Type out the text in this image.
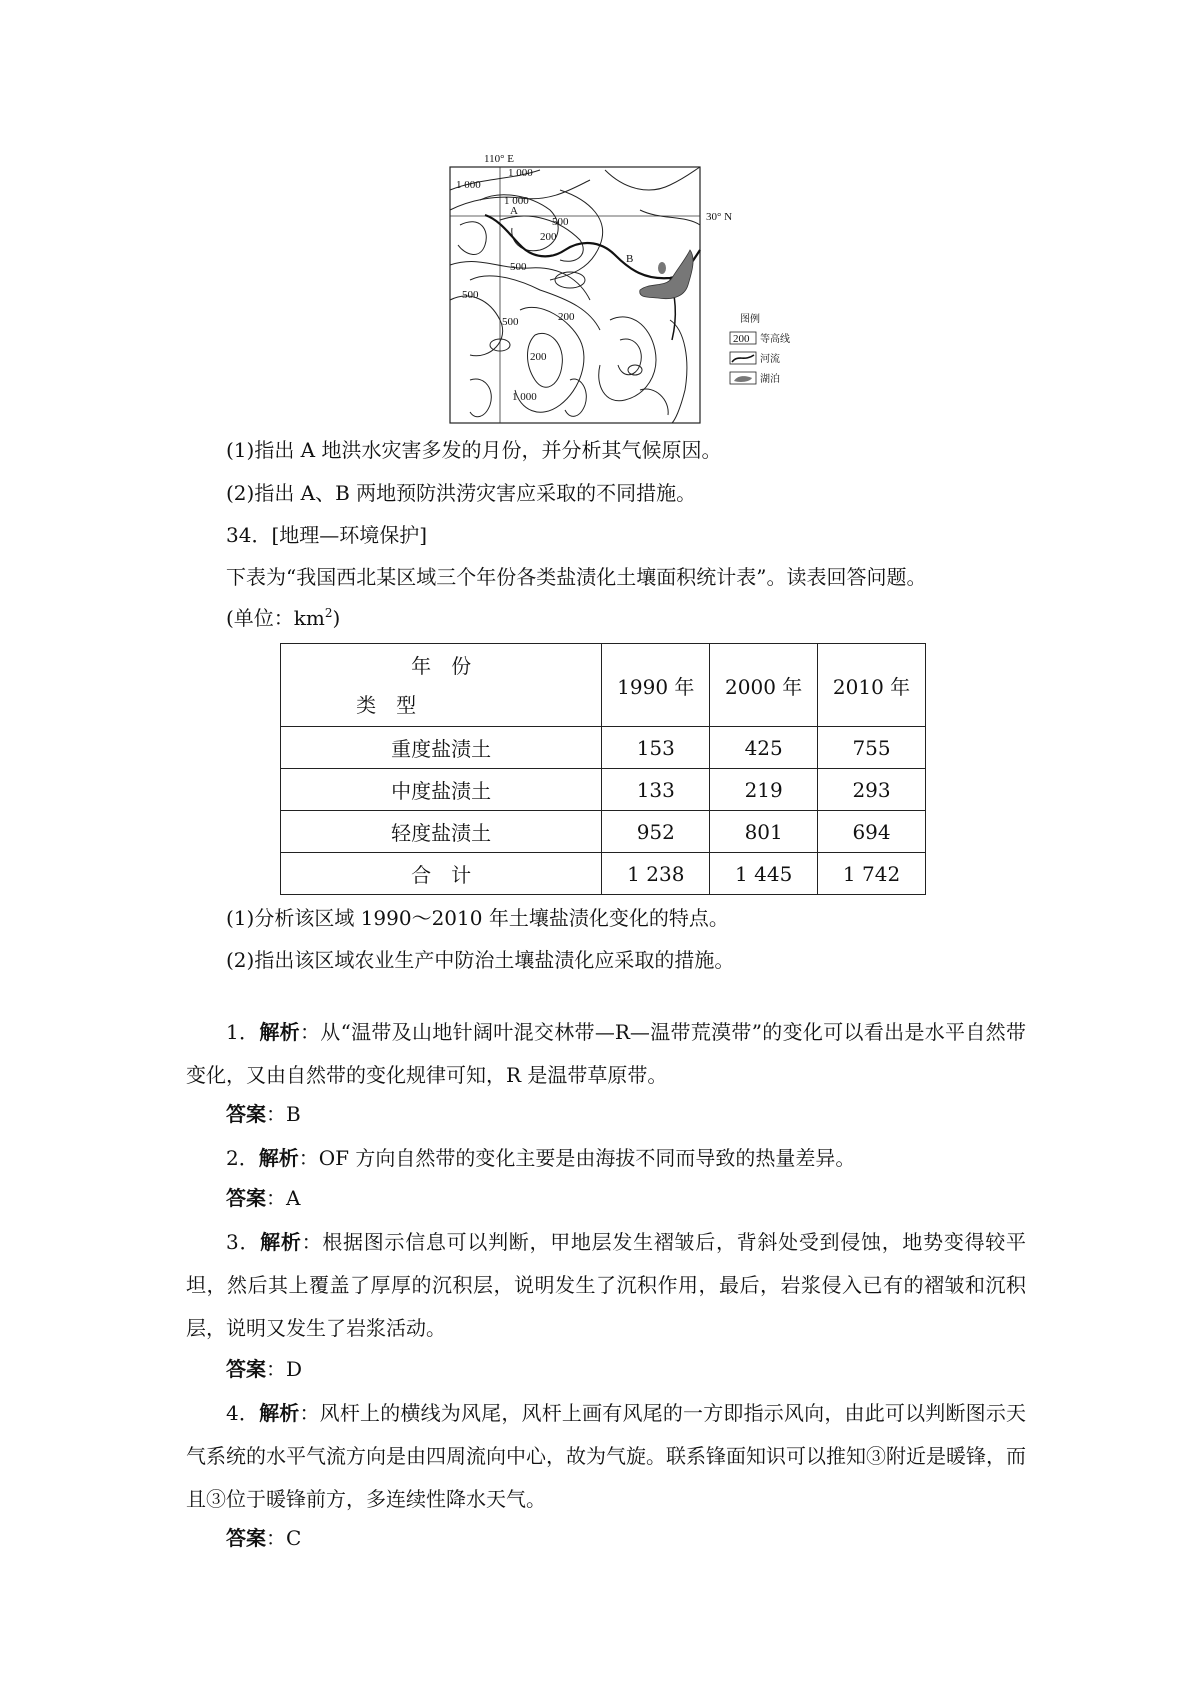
110° E
30° N
A
B
1 000
1 000
1 000
500
200
500
500
200
500
200
1 000
图例
200 等高线
河流
湖泊
(1)指出 A 地洪水灾害多发的月份，并分析其气候原因。
(2)指出 A、B 两地预防洪涝灾害应采取的不同措施。
34．[地理—环境保护]
下表为“我国西北某区域三个年份各类盐渍化土壤面积统计表”。读表回答问题。
(单位：$km^2$)
年　份
类　型	1990 年	2000 年	2010 年
重度盐渍土	153	425	755
中度盐渍土	133	219	293
轻度盐渍土	952	801	694
合　计	1 238	1 445	1 742
(1)分析该区域 1990～2010 年土壤盐渍化变化的特点。
(2)指出该区域农业生产中防治土壤盐渍化应采取的措施。
1．解析：从“温带及山地针阔叶混交林带—R—温带荒漠带”的变化可以看出是水平自然带变化，又由自然带的变化规律可知，R 是温带草原带。
答案：B
2．解析：OF 方向自然带的变化主要是由海拔不同而导致的热量差异。
答案：A
3．解析：根据图示信息可以判断，甲地层发生褶皱后，背斜处受到侵蚀，地势变得较平坦，然后其上覆盖了厚厚的沉积层，说明发生了沉积作用，最后，岩浆侵入已有的褶皱和沉积层，说明又发生了岩浆活动。
答案：D
4．解析：风杆上的横线为风尾，风杆上画有风尾的一方即指示风向，由此可以判断图示天气系统的水平气流方向是由四周流向中心，故为气旋。联系锋面知识可以推知③附近是暖锋，而且③位于暖锋前方，多连续性降水天气。
答案：C
